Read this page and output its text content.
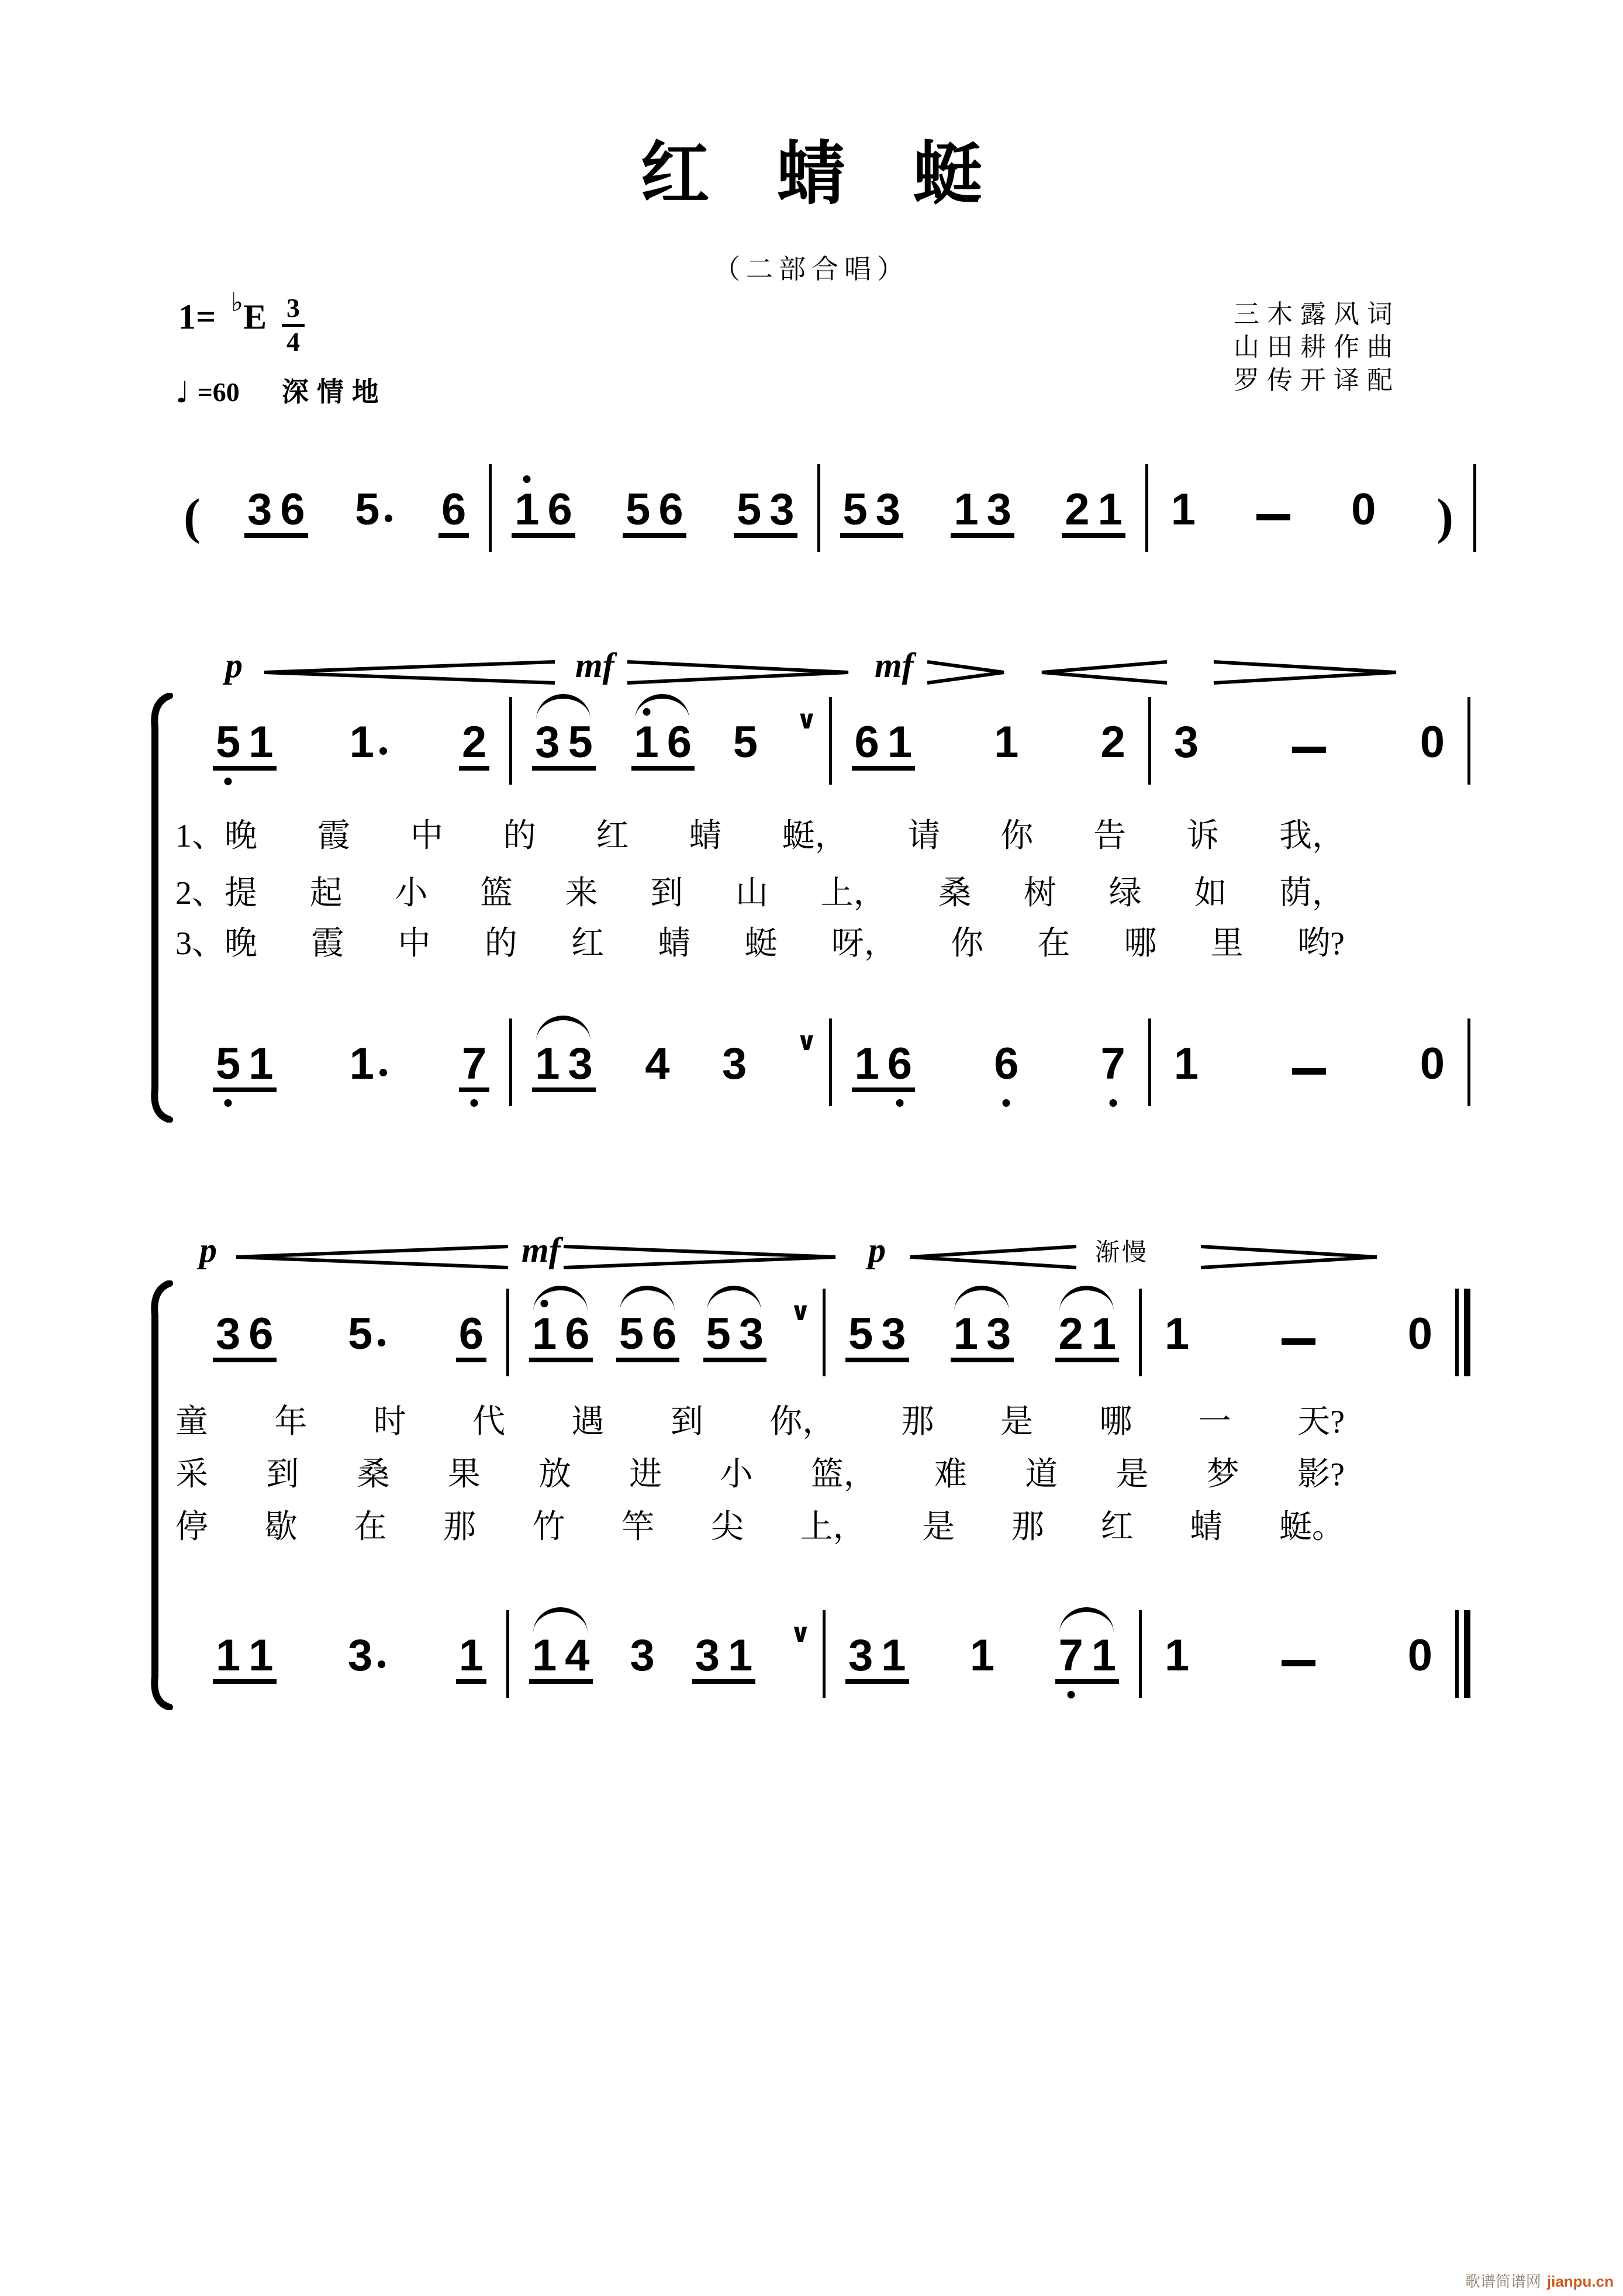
红蜻蜓
（二部合唱）
1= ♭ E $\frac{3}{4}$
♩ =60 深情地
三木露风词
山田耕作曲
罗传开译配
歌谱简谱网 jianpu.cn
( 3 6 5 6 1 6 5 6 5 3 5 3 1 3 2 1 1	0 )
p	mf	mf
5 1 1 2 3 5 1 6 5 ∨ 6 1 1 2 3	0
1、晚 霞 中 的 红 蜻 蜓， 请 你 告 诉 我，
2、提 起 小 篮 来 到 山 上， 桑 树 绿 如 荫，
3、晚 霞 中 的 红 蜻 蜓 呀， 你 在 哪 里 哟?
5 1 1 7 1 3 4 3 ∨ 1 6 6 7 1	0
p	mf	p	渐慢
3 6 5 6 1 6 5 6 5 3 ∨ 5 3 1 3 2 1 1	0
童 年 时 代 遇 到 你， 那 是 哪 一 天?
采 到 桑 果 放 进 小 篮， 难 道 是 梦 影?
停 歇 在 那 竹 竿 尖 上， 是 那 红 蜻 蜓。
1 1 3 1 1 4 3 3 1 ∨ 3 1 1 7 1 1	0
